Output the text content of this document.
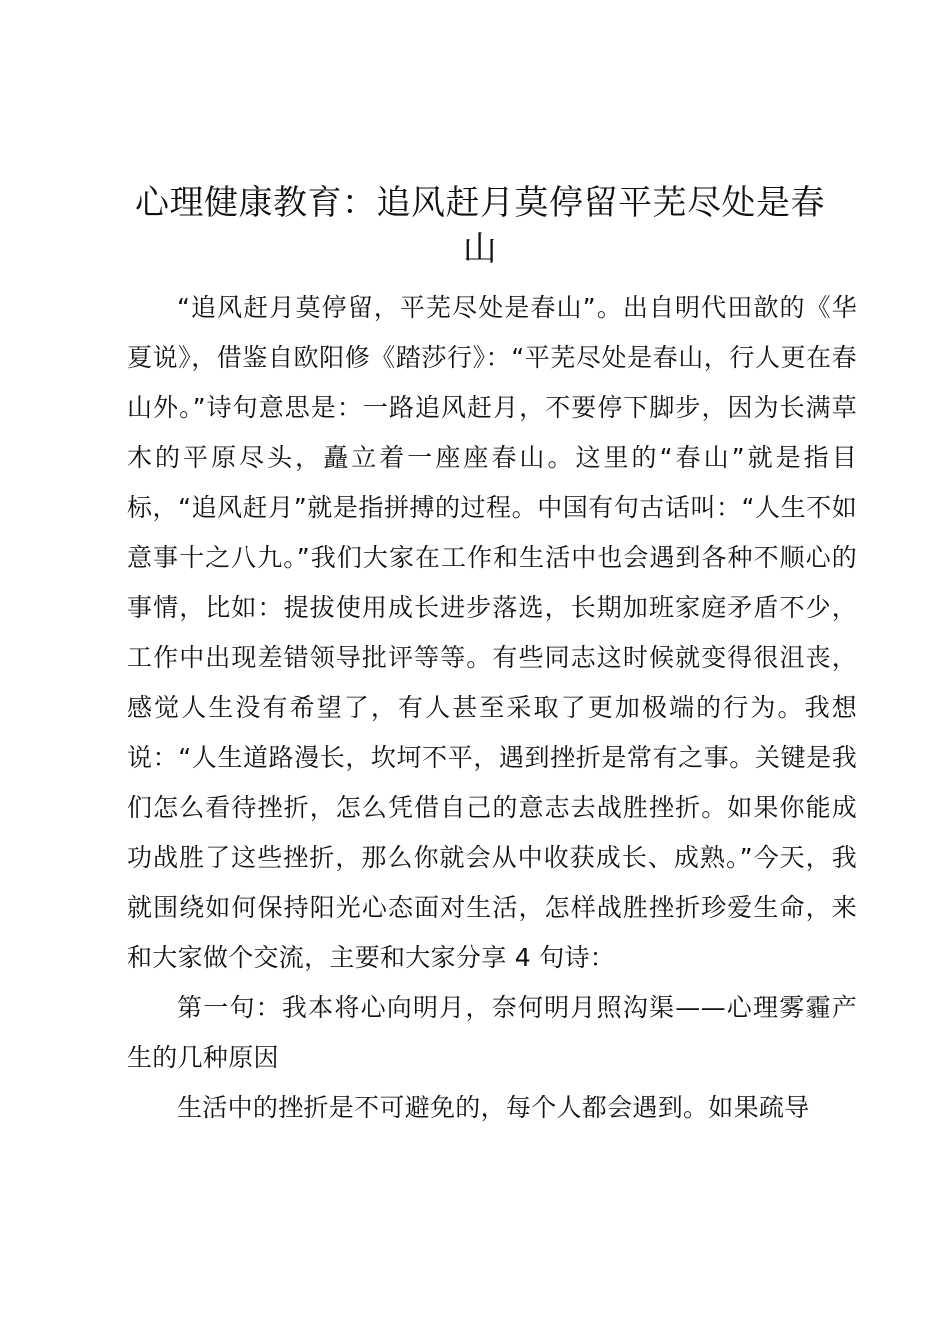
心理健康教育：追风赶月莫停留平芜尽处是春山

“追风赶月莫停留，平芜尽处是春山”。出自明代田歆的《华夏说》，借鉴自欧阳修《踏莎行》：“平芜尽处是春山，行人更在春山外。”诗句意思是：一路追风赶月，不要停下脚步，因为长满草木的平原尽头，矗立着一座座春山。这里的“春山”就是指目标，“追风赶月”就是指拼搏的过程。中国有句古话叫：“人生不如意事十之八九。”我们大家在工作和生活中也会遇到各种不顺心的事情，比如：提拔使用成长进步落选，长期加班家庭矛盾不少，工作中出现差错领导批评等等。有些同志这时候就变得很沮丧，感觉人生没有希望了，有人甚至采取了更加极端的行为。我想说：“人生道路漫长，坎坷不平，遇到挫折是常有之事。关键是我们怎么看待挫折，怎么凭借自己的意志去战胜挫折。如果你能成功战胜了这些挫折，那么你就会从中收获成长、成熟。”今天，我就围绕如何保持阳光心态面对生活，怎样战胜挫折珍爱生命，来和大家做个交流，主要和大家分享 4 句诗：

第一句：我本将心向明月，奈何明月照沟渠——心理雾霾产生的几种原因

生活中的挫折是不可避免的，每个人都会遇到。如果疏导
